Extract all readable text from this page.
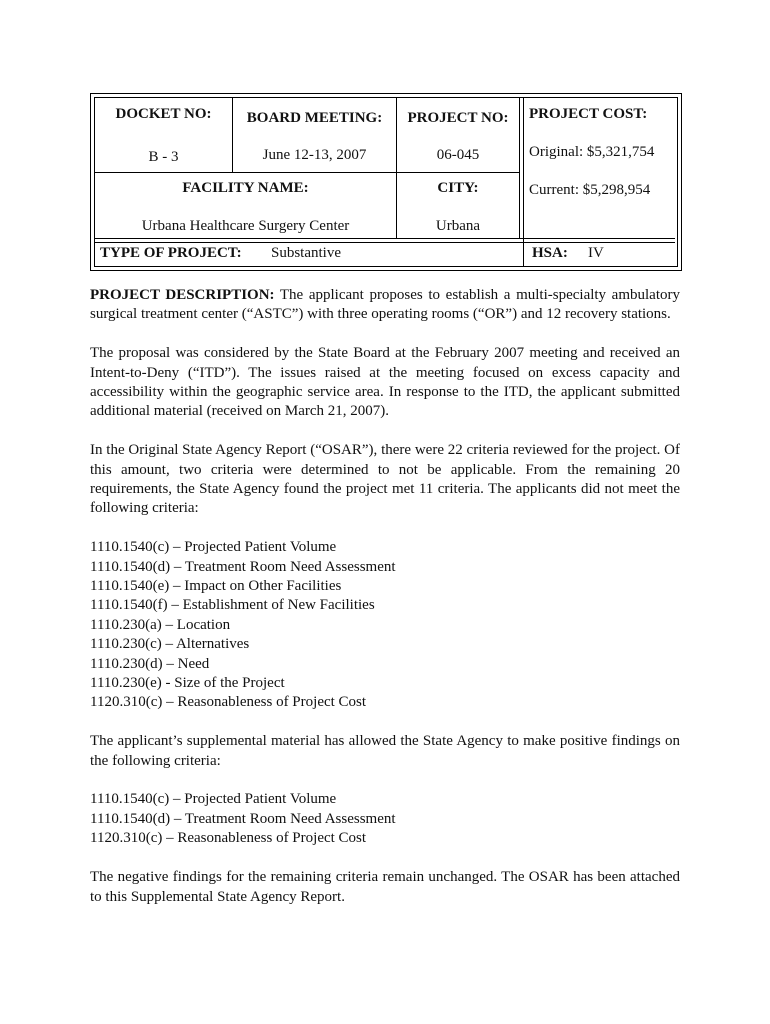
DOCKET NO:
B - 3
BOARD MEETING:
June 12-13, 2007
PROJECT NO:
06-045
PROJECT COST:
Original: $5,321,754
Current: $5,298,954
FACILITY NAME:
Urbana Healthcare Surgery Center
CITY:
Urbana
TYPE OF PROJECT: Substantive	HSA: IV

PROJECT DESCRIPTION: The applicant proposes to establish a multi-specialty ambulatory surgical treatment center (“ASTC”) with three operating rooms (“OR”) and 12 recovery stations.

The proposal was considered by the State Board at the February 2007 meeting and received an Intent-to-Deny (“ITD”). The issues raised at the meeting focused on excess capacity and accessibility within the geographic service area. In response to the ITD, the applicant submitted additional material (received on March 21, 2007).

In the Original State Agency Report (“OSAR”), there were 22 criteria reviewed for the project. Of this amount, two criteria were determined to not be applicable. From the remaining 20 requirements, the State Agency found the project met 11 criteria. The applicants did not meet the following criteria:

1110.1540(c) – Projected Patient Volume
1110.1540(d) – Treatment Room Need Assessment
1110.1540(e) – Impact on Other Facilities
1110.1540(f) – Establishment of New Facilities
1110.230(a) – Location
1110.230(c) – Alternatives
1110.230(d) – Need
1110.230(e) - Size of the Project
1120.310(c) – Reasonableness of Project Cost

The applicant’s supplemental material has allowed the State Agency to make positive findings on the following criteria:

1110.1540(c) – Projected Patient Volume
1110.1540(d) – Treatment Room Need Assessment
1120.310(c) – Reasonableness of Project Cost

The negative findings for the remaining criteria remain unchanged. The OSAR has been attached to this Supplemental State Agency Report.
